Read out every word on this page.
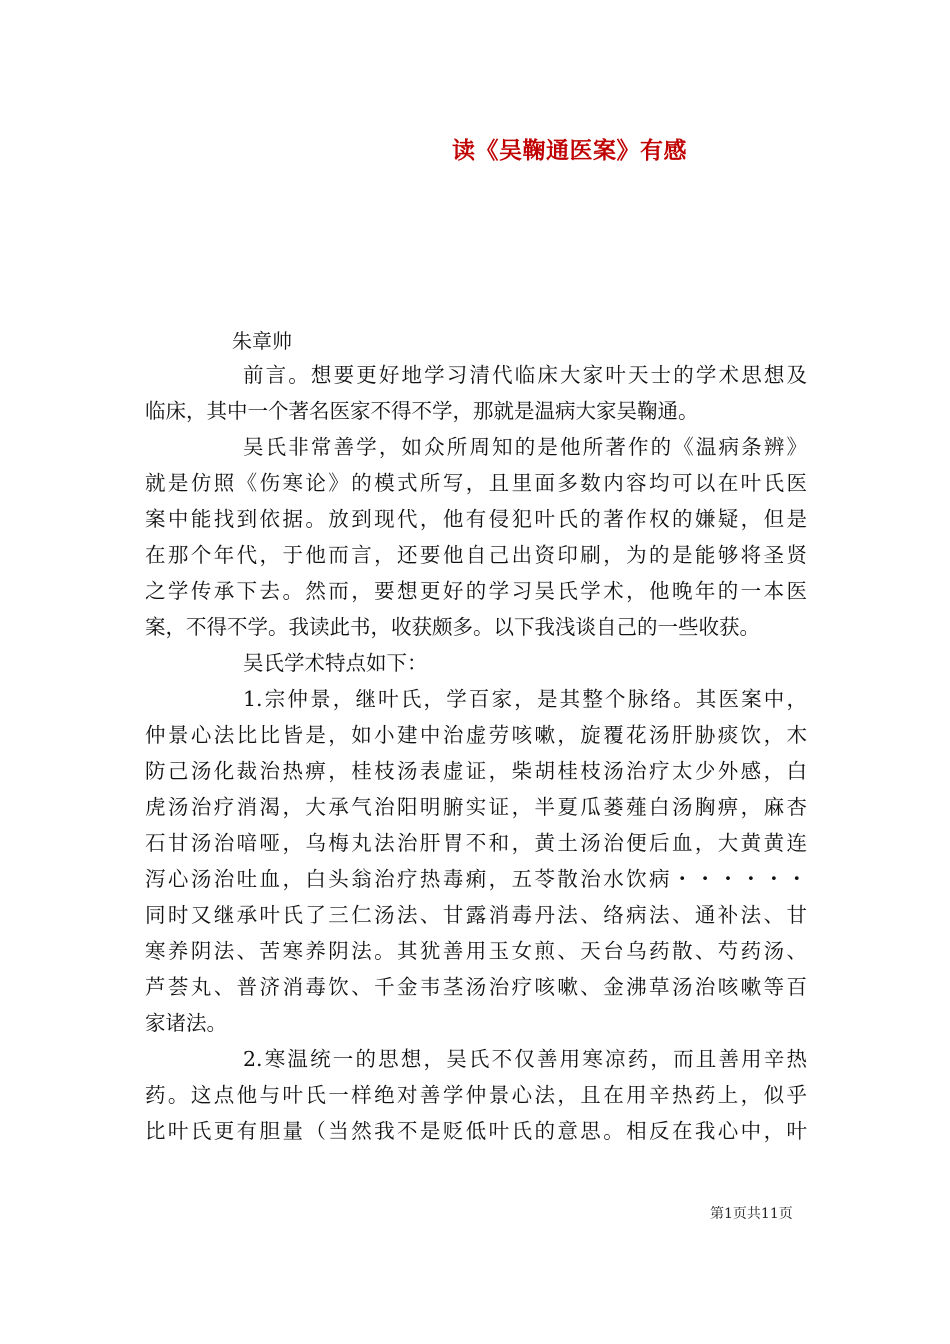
读《吴鞠通医案》有感
朱章帅
前言。想要更好地学习清代临床大家叶天士的学术思想及
临床，其中一个著名医家不得不学，那就是温病大家吴鞠通。
吴氏非常善学，如众所周知的是他所著作的《温病条辨》
就是仿照《伤寒论》的模式所写，且里面多数内容均可以在叶氏医
案中能找到依据。放到现代，他有侵犯叶氏的著作权的嫌疑，但是
在那个年代，于他而言，还要他自己出资印刷，为的是能够将圣贤
之学传承下去。然而，要想更好的学习吴氏学术，他晚年的一本医
案，不得不学。我读此书，收获颇多。以下我浅谈自己的一些收获。
吴氏学术特点如下：
1.宗仲景，继叶氏，学百家，是其整个脉络。其医案中，
仲景心法比比皆是，如小建中治虚劳咳嗽，旋覆花汤肝胁痰饮，木
防己汤化裁治热痹，桂枝汤表虚证，柴胡桂枝汤治疗太少外感，白
虎汤治疗消渴，大承气治阳明腑实证，半夏瓜蒌薤白汤胸痹，麻杏
石甘汤治喑哑，乌梅丸法治肝胃不和，黄土汤治便后血，大黄黄连
泻心汤治吐血，白头翁治疗热毒痢，五苓散治水饮病・・・・・・
同时又继承叶氏了三仁汤法、甘露消毒丹法、络病法、通补法、甘
寒养阴法、苦寒养阴法。其犹善用玉女煎、天台乌药散、芍药汤、
芦荟丸、普济消毒饮、千金韦茎汤治疗咳嗽、金沸草汤治咳嗽等百
家诸法。
2.寒温统一的思想，吴氏不仅善用寒凉药，而且善用辛热
药。这点他与叶氏一样绝对善学仲景心法，且在用辛热药上，似乎
比叶氏更有胆量（当然我不是贬低叶氏的意思。相反在我心中，叶
第1页共11页
